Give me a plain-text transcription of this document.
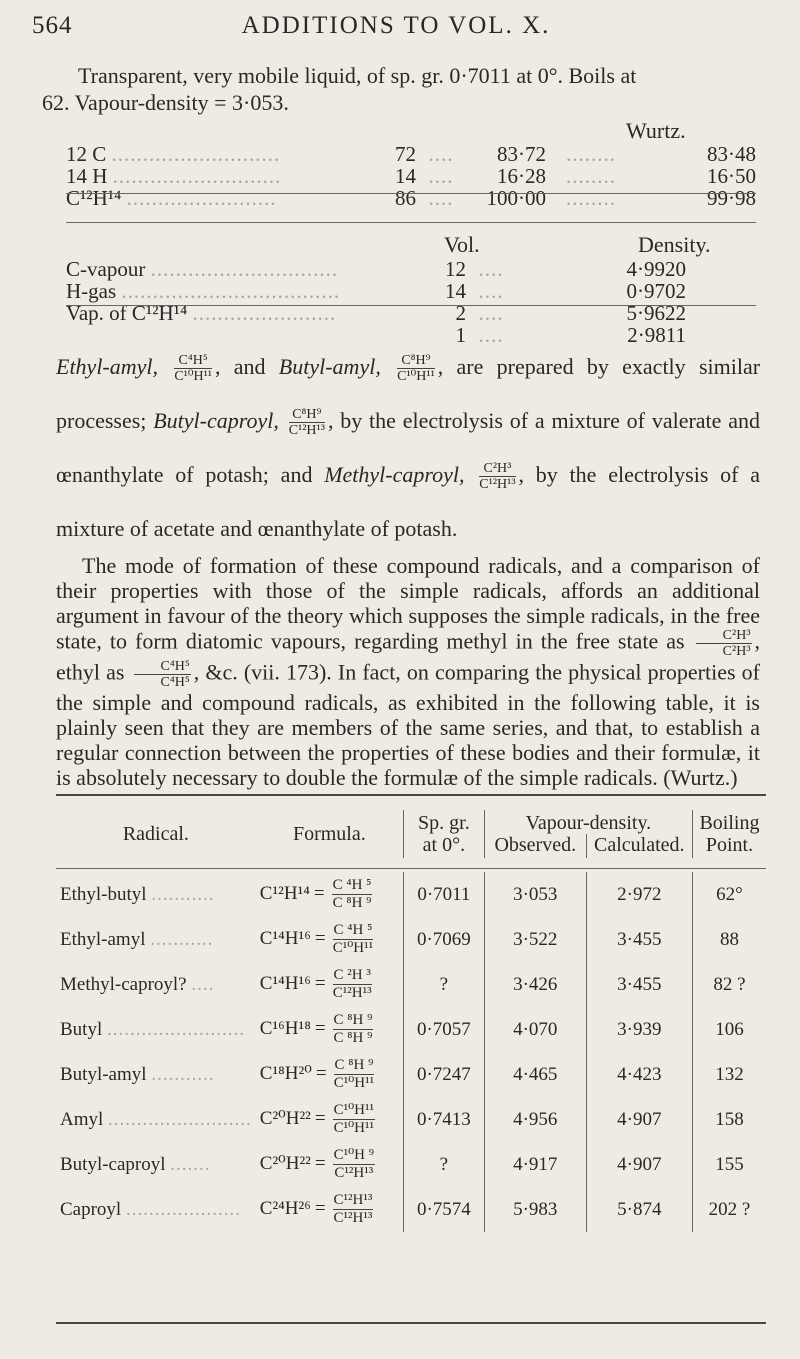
564	ADDITIONS TO VOL. X.
Transparent, very mobile liquid, of sp. gr. 0·7011 at 0°. Boils at
62. Vapour-density = 3·053.
Wurtz.
12 C ...........................	72	....	83·72	........	83·48
14 H ...........................	14	....	16·28	........	16·50
C¹²H¹⁴ ........................	86	....	100·00	........	99·98
Vol.	Density.
C-vapour ..............................	12	....	4·9920
H-gas ...................................	14	....	0·9702
Vap. of C¹²H¹⁴ .......................	2	....	5·9622
	1	....	2·9811
Ethyl-amyl, $\frac{\text{C⁴H⁵}}{\text{C¹⁰H¹¹}}$ , and Butyl-amyl, $\frac{\text{C⁸H⁹}}{\text{C¹⁰H¹¹}}$ , are prepared by exactly similar processes; Butyl-caproyl, $\frac{\text{C⁸H⁹}}{\text{C¹²H¹³}}$ , by the electrolysis of a mixture of valerate and œnanthylate of potash; and Methyl-caproyl, $\frac{\text{C²H³}}{\text{C¹²H¹³}}$ , by the electrolysis of a mixture of acetate and œnanthylate of potash.
The mode of formation of these compound radicals, and a comparison of their properties with those of the simple radicals, affords an additional argument in favour of the theory which supposes the simple radicals, in the free state, to form diatomic vapours, regarding methyl in the free state as $\frac{\text{C²H³}}{\text{C²H³}}$ , ethyl as $\frac{\text{C⁴H⁵}}{\text{C⁴H⁵}}$ , &c. (vii. 173). In fact, on comparing the physical properties of the simple and compound radicals, as exhibited in the following table, it is plainly seen that they are members of the same series, and that, to establish a regular connection between the properties of these bodies and their formulæ, it is absolutely necessary to double the formulæ of the simple radicals. (Wurtz.)
Radical.	Formula.	Sp. gr.	Vapour-density.		Boiling
		at 0°.	Observed.	Calculated.	Point.

Ethyl-butyl ...........	$C^{12}H^{14} = \frac{\text{C ⁴H ⁵}}{\text{C ⁸H ⁹}}$	0·7011	3·053	2·972	62°
Ethyl-amyl ...........	$C^{14}H^{16} = \frac{\text{C ⁴H ⁵}}{\text{C¹⁰H¹¹}}$	0·7069	3·522	3·455	88
Methyl-caproyl? ....	$C^{14}H^{16} = \frac{\text{C ²H ³}}{\text{C¹²H¹³}}$	?	3·426	3·455	82 ?
Butyl ........................	$C^{16}H^{18} = \frac{\text{C ⁸H ⁹}}{\text{C ⁸H ⁹}}$	0·7057	4·070	3·939	106
Butyl-amyl ...........	$C^{18}H^{20} = \frac{\text{C ⁸H ⁹}}{\text{C¹⁰H¹¹}}$	0·7247	4·465	4·423	132
Amyl .........................	$C^{20}H^{22} = \frac{\text{C¹⁰H¹¹}}{\text{C¹⁰H¹¹}}$	0·7413	4·956	4·907	158
Butyl-caproyl .......	$C^{20}H^{22} = \frac{\text{C¹⁰H ⁹}}{\text{C¹²H¹³}}$	?	4·917	4·907	155
Caproyl ....................	$C^{24}H^{26} = \frac{\text{C¹²H¹³}}{\text{C¹²H¹³}}$	0·7574	5·983	5·874	202 ?
